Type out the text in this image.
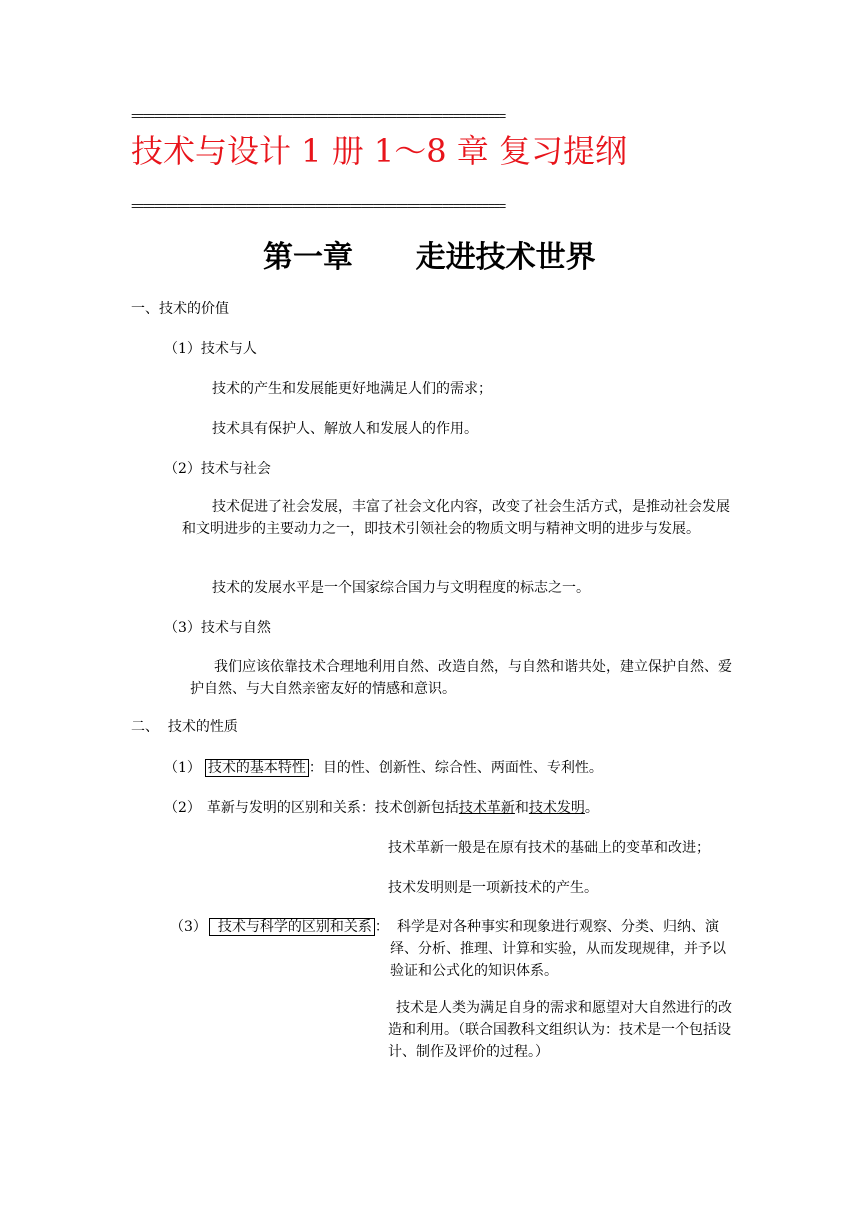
=================================================================
技术与设计 1 册 1～8 章 复习提纲
=================================================================
第一章      走进技术世界
一、技术的价值
（1）技术与人
技术的产生和发展能更好地满足人们的需求；
技术具有保护人、解放人和发展人的作用。
（2）技术与社会
技术促进了社会发展，丰富了社会文化内容，改变了社会生活方式，是推动社会发展和文明进步的主要动力之一，即技术引领社会的物质文明与精神文明的进步与发展。
技术的发展水平是一个国家综合国力与文明程度的标志之一。
（3）技术与自然
我们应该依靠技术合理地利用自然、改造自然，与自然和谐共处，建立保护自然、爱护自然、与大自然亲密友好的情感和意识。
二、  技术的性质
（1） 技术的基本特性 ：目的性、创新性、综合性、两面性、专利性。
（2） 革新与发明的区别和关系：技术创新包括技术革新和技术发明。
技术革新一般是在原有技术的基础上的变革和改进；
技术发明则是一项新技术的产生。
（3） 技术与科学的区别和关系 ： 科学是对各种事实和现象进行观察、分类、归纳、演绎、分析、推理、计算和实验，从而发现规律，并予以验证和公式化的知识体系。
技术是人类为满足自身的需求和愿望对大自然进行的改造和利用。（联合国教科文组织认为：技术是一个包括设计、制作及评价的过程。）
